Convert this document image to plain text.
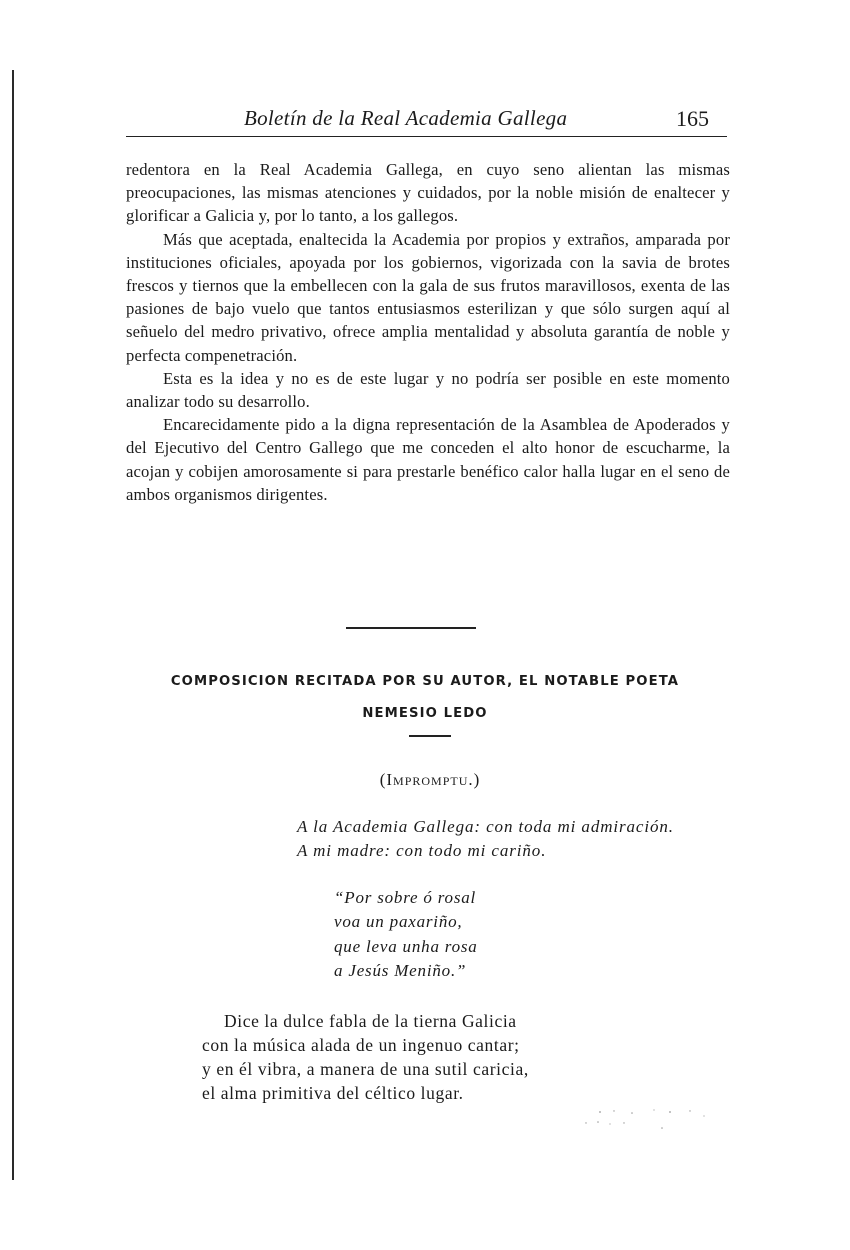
Boletín de la Real Academia Gallega	165

redentora en la Real Academia Gallega, en cuyo seno alientan las mismas preocupaciones, las mismas atenciones y cuidados, por la noble misión de enaltecer y glorificar a Galicia y, por lo tanto, a los gallegos.

Más que aceptada, enaltecida la Academia por propios y extraños, amparada por instituciones oficiales, apoyada por los gobiernos, vigorizada con la savia de brotes frescos y tiernos que la embellecen con la gala de sus frutos maravillosos, exenta de las pasiones de bajo vuelo que tantos entusiasmos esterilizan y que sólo surgen aquí al señuelo del medro privativo, ofrece amplia mentalidad y absoluta garantía de noble y perfecta compenetración.

Esta es la idea y no es de este lugar y no podría ser posible en este momento analizar todo su desarrollo.

Encarecidamente pido a la digna representación de la Asamblea de Apoderados y del Ejecutivo del Centro Gallego que me conceden el alto honor de escucharme, la acojan y cobijen amorosamente si para prestarle benéfico calor halla lugar en el seno de ambos organismos dirigentes.

COMPOSICION RECITADA POR SU AUTOR, EL NOTABLE POETA
NEMESIO LEDO
(Impromptu.)
A la Academia Gallega: con toda mi admiración.
A mi madre: con todo mi cariño.
“Por sobre ó rosal
voa un paxariño,
que leva unha rosa
a Jesús Meniño.”
Dice la dulce fabla de la tierna Galicia
con la música alada de un ingenuo cantar;
y en él vibra, a manera de una sutil caricia,
el alma primitiva del céltico lugar.
